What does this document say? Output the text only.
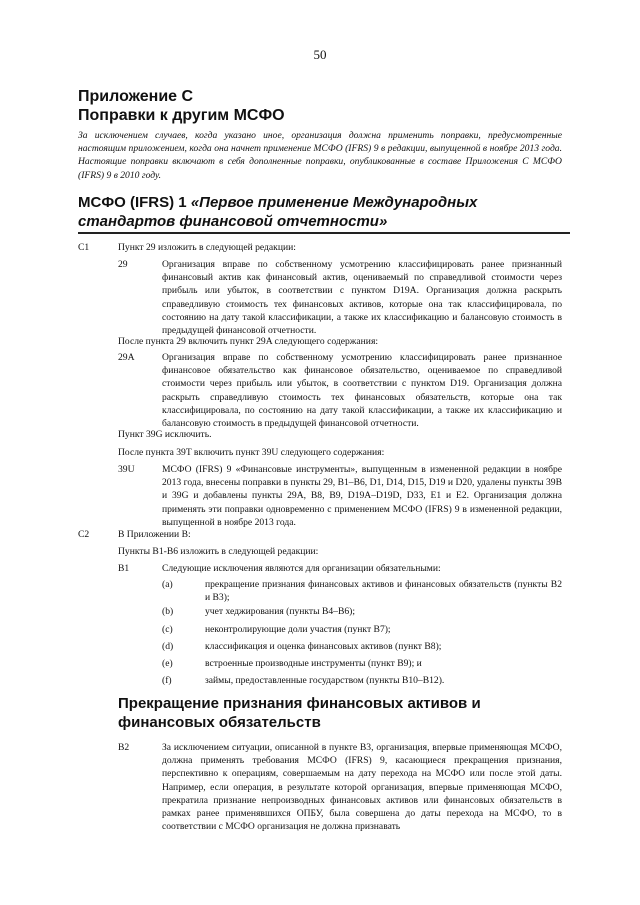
50
Приложение С
Поправки к другим МСФО
За исключением случаев, когда указано иное, организация должна применить поправки, предусмотренные настоящим приложением, когда она начнет применение МСФО (IFRS) 9 в редакции, выпущенной в ноябре 2013 года. Настоящие поправки включают в себя дополненные поправки, опубликованные в составе Приложения С МСФО (IFRS) 9 в 2010 году.
МСФО (IFRS) 1 «Первое применение Международных стандартов финансовой отчетности»
C1	Пункт 29 изложить в следующей редакции:
29	Организация вправе по собственному усмотрению классифицировать ранее признанный финансовый актив как финансовый актив, оцениваемый по справедливой стоимости через прибыль или убыток, в соответствии с пунктом D19A. Организация должна раскрыть справедливую стоимость тех финансовых активов, которые она так классифицировала, по состоянию на дату такой классификации, а также их классификацию и балансовую стоимость в предыдущей финансовой отчетности.
После пункта 29 включить пункт 29A следующего содержания:
29A	Организация вправе по собственному усмотрению классифицировать ранее признанное финансовое обязательство как финансовое обязательство, оцениваемое по справедливой стоимости через прибыль или убыток, в соответствии с пунктом D19. Организация должна раскрыть справедливую стоимость тех финансовых обязательств, которые она так классифицировала, по состоянию на дату такой классификации, а также их классификацию и балансовую стоимость в предыдущей финансовой отчетности.
Пункт 39G исключить.
После пункта 39T включить пункт 39U следующего содержания:
39U	МСФО (IFRS) 9 «Финансовые инструменты», выпущенным в измененной редакции в ноябре 2013 года, внесены поправки в пункты 29, B1–B6, D1, D14, D15, D19 и D20, удалены пункты 39B и 39G и добавлены пункты 29A, B8, B9, D19A–D19D, D33, E1 и E2. Организация должна применять эти поправки одновременно с применением МСФО (IFRS) 9 в измененной редакции, выпущенной в ноябре 2013 года.
C2	В Приложении В:
Пункты B1-B6 изложить в следующей редакции:
B1	Следующие исключения являются для организации обязательными:
(a)	прекращение признания финансовых активов и финансовых обязательств (пункты B2 и B3);
(b)	учет хеджирования (пункты B4–B6);
(c)	неконтролирующие доли участия (пункт B7);
(d)	классификация и оценка финансовых активов (пункт B8);
(e)	встроенные производные инструменты (пункт B9); и
(f)	займы, предоставленные государством (пункты B10–B12).
Прекращение признания финансовых активов и финансовых обязательств
B2	За исключением ситуации, описанной в пункте B3, организация, впервые применяющая МСФО, должна применять требования МСФО (IFRS) 9, касающиеся прекращения признания, перспективно к операциям, совершаемым на дату перехода на МСФО или после этой даты. Например, если операция, в результате которой организация, впервые применяющая МСФО, прекратила признание непроизводных финансовых активов или финансовых обязательств в рамках ранее применявшихся ОПБУ, была совершена до даты перехода на МСФО, то в соответствии с МСФО организация не должна признавать
